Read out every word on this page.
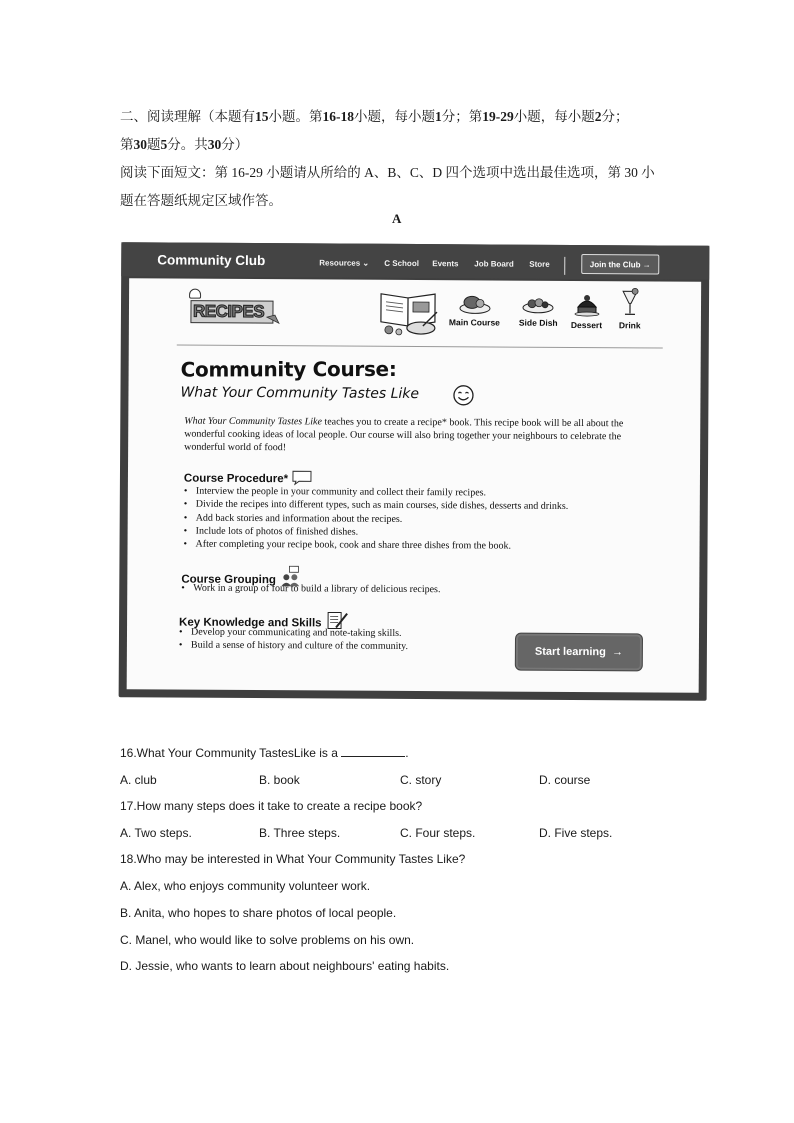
二、阅读理解（本题有15小题。第16-18小题，每小题1分；第19-29小题，每小题2分；
第30题5分。共30分）
阅读下面短文：第 16-29 小题请从所给的 A、B、C、D 四个选项中选出最佳选项，第 30 小
题在答题纸规定区域作答。
A
Community Club	Resources ⌄ C School Events Job Board Store	Join the Club →
RECIPES
Main Course Side Dish Dessert Drink
Community Course:
What Your Community Tastes Like
What Your Community Tastes Like teaches you to create a recipe* book. This recipe book will be all about the wonderful cooking ideas of local people. Our course will also bring together your neighbours to celebrate the wonderful world of food!
Course Procedure*
• Interview the people in your community and collect their family recipes.
• Divide the recipes into different types, such as main courses, side dishes, desserts and drinks.
• Add back stories and information about the recipes.
• Include lots of photos of finished dishes.
• After completing your recipe book, cook and share three dishes from the book.
Course Grouping
• Work in a group of four to build a library of delicious recipes.
Key Knowledge and Skills
• Develop your communicating and note-taking skills.
• Build a sense of history and culture of the community.	Start learning →
16.What Your Community TastesLike is a	.
A. club	B. book	C. story	D. course
17.How many steps does it take to create a recipe book?
A. Two steps.	B. Three steps.	C. Four steps.	D. Five steps.
18.Who may be interested in What Your Community Tastes Like?
A. Alex, who enjoys community volunteer work.
B. Anita, who hopes to share photos of local people.
C. Manel, who would like to solve problems on his own.
D. Jessie, who wants to learn about neighbours' eating habits.
